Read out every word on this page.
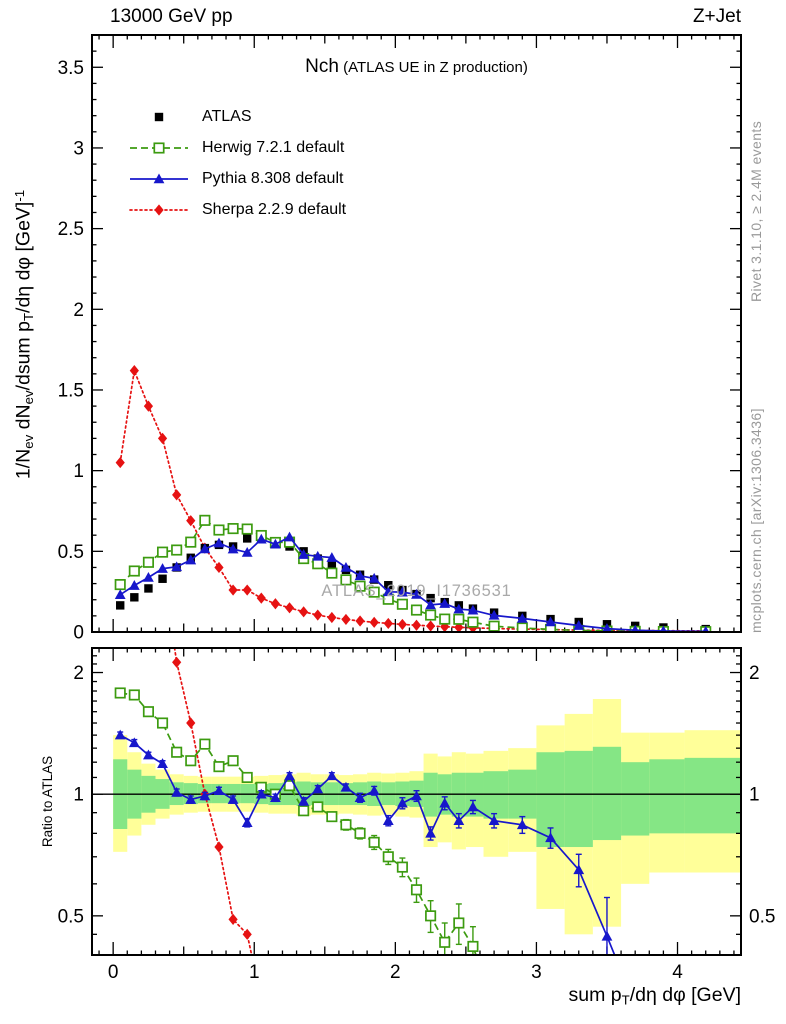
0
0.5
1
1.5
2
2.5
3
3.5
2	2
1	1
0.5	0.5
0	1	2	3	4
13000 GeV pp	Z+Jet
Nch (ATLAS UE in Z production)
ATLAS
Herwig 7.2.1 default
Pythia 8.308 default
Sherpa 2.2.9 default
ATLAS_2019_I1736531
$1/N_{ev}$ $dN_{ev}$/dsum $p_T/d\eta$ dφ [GeV]$^{-1}$
Ratio to ATLAS
sum $p_T/d\eta$ dφ [GeV]
Rivet 3.1.10, ≥ 2.4M events
mcplots.cern.ch [arXiv:1306.3436]
